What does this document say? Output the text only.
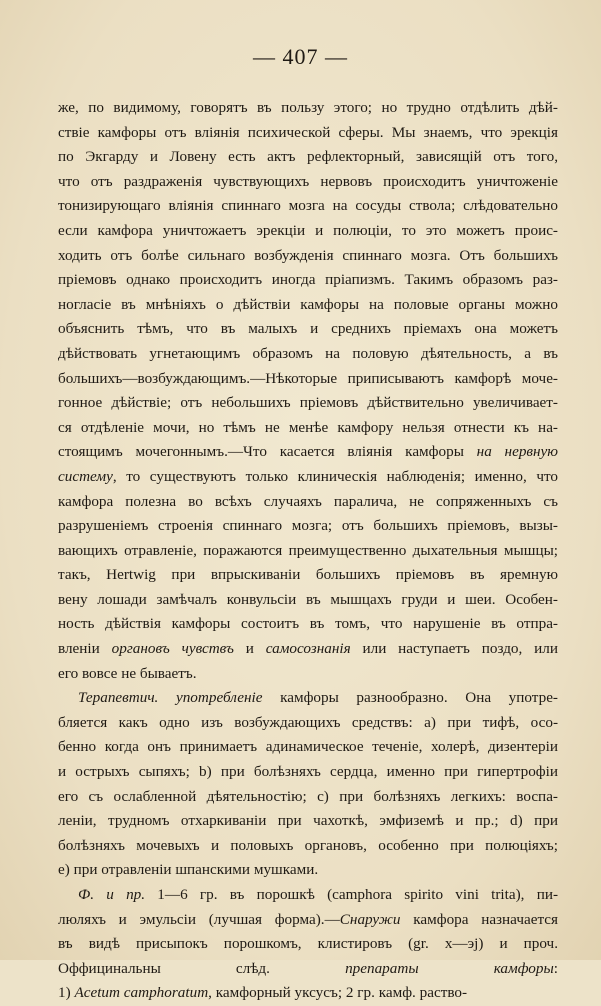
— 407 —
же, по видимому, говорятъ въ пользу этого; но трудно отдѣлить дѣй-
ствіе камфоры отъ вліянія психической сферы. Мы знаемъ, что эрекція
по Экгарду и Ловену есть актъ рефлекторный, зависящій отъ того,
что отъ раздраженія чувствующихъ нервовъ происходитъ уничтоженіе
тонизирующаго вліянія спиннаго мозга на сосуды ствола; слѣдовательно
если камфора уничтожаетъ эрекціи и полюціи, то это можетъ проис-
ходить отъ болѣе сильнаго возбужденія спиннаго мозга. Отъ большихъ
пріемовъ однако происходитъ иногда пріапизмъ. Такимъ образомъ раз-
ногласіе въ мнѣніяхъ о дѣйствіи камфоры на половые органы можно
объяснить тѣмъ, что въ малыхъ и среднихъ пріемахъ она можетъ
дѣйствовать угнетающимъ образомъ на половую дѣятельность, а въ
большихъ—возбуждающимъ.—Нѣкоторые приписываютъ камфорѣ моче-
гонное дѣйствіе; отъ небольшихъ пріемовъ дѣйствительно увеличивает-
ся отдѣленіе мочи, но тѣмъ не менѣе камфору нельзя отнести къ на-
стоящимъ мочегоннымъ.—Что касается вліянія камфоры на нервную
систему, то существуютъ только клиническія наблюденія; именно, что
камфора полезна во всѣхъ случаяхъ паралича, не сопряженныхъ съ
разрушеніемъ строенія спиннаго мозга; отъ большихъ пріемовъ, вызы-
вающихъ отравленіе, поражаются преимущественно дыхательныя мышцы;
такъ, Hertwig при впрыскиваніи большихъ пріемовъ въ яремную
вену лошади замѣчалъ конвульсіи въ мышцахъ груди и шеи. Особен-
ность дѣйствія камфоры состоитъ въ томъ, что нарушеніе въ отпра-
вленіи органовъ чувствъ и самосознанія или наступаетъ поздо, или
его вовсе не бываетъ.
Терапевтич. употребленіе камфоры разнообразно. Она употре-
бляется какъ одно изъ возбуждающихъ средствъ: a) при тифѣ, осо-
бенно когда онъ принимаетъ адинамическое теченіе, холерѣ, дизентеріи
и острыхъ сыпяхъ; b) при болѣзняхъ сердца, именно при гипертрофіи
его съ ослабленной дѣятельностію; c) при болѣзняхъ легкихъ: воспа-
леніи, трудномъ отхаркиваніи при чахоткѣ, эмфиземѣ и пр.; d) при
болѣзняхъ мочевыхъ и половыхъ органовъ, особенно при полюціяхъ;
e) при отравленіи шпанскими мушками.
Ф. и пр. 1—6 гр. въ порошкѣ (camphora spirito vini trita), пи-
люляхъ и эмульсіи (лучшая форма).—Снаружи камфора назначается
въ видѣ присыпокъ порошкомъ, клистировъ (gr. x—эj) и проч.
Оффицинальны слѣд. препараты камфоры:
1) Acetum camphoratum, камфорный уксусъ; 2 гр. камф. раство-
